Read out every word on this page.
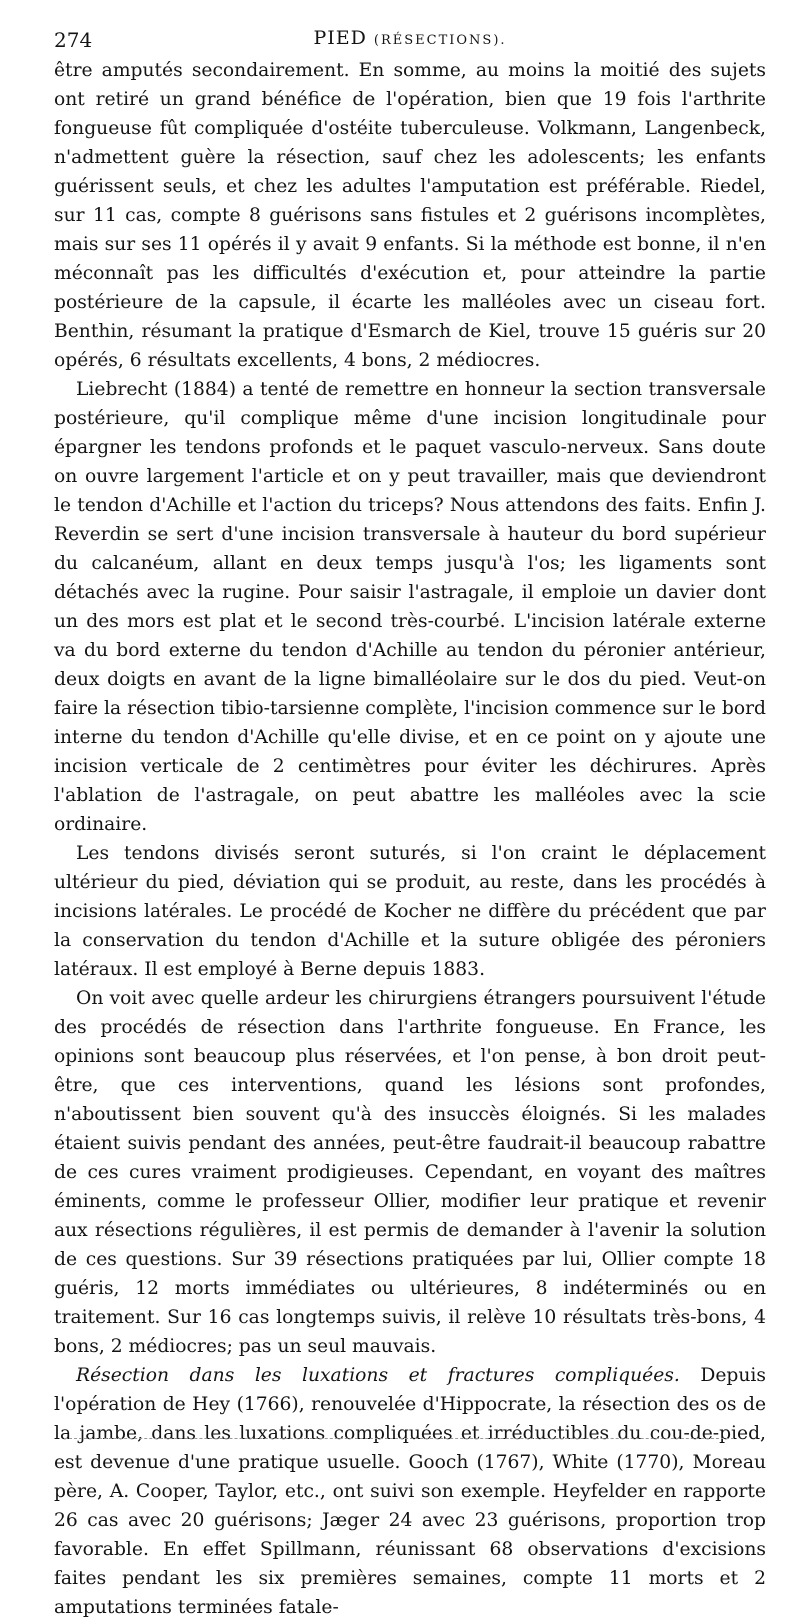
274	PIED (RÉSECTIONS).

être amputés secondairement. En somme, au moins la moitié des sujets ont retiré un grand bénéfice de l'opération, bien que 19 fois l'arthrite fongueuse fût compliquée d'ostéite tuberculeuse. Volkmann, Langenbeck, n'admettent guère la résection, sauf chez les adolescents; les enfants guérissent seuls, et chez les adultes l'amputation est préférable. Riedel, sur 11 cas, compte 8 guérisons sans fistules et 2 guérisons incomplètes, mais sur ses 11 opérés il y avait 9 enfants. Si la méthode est bonne, il n'en méconnaît pas les difficultés d'exécution et, pour atteindre la partie postérieure de la capsule, il écarte les malléoles avec un ciseau fort. Benthin, résumant la pratique d'Esmarch de Kiel, trouve 15 guéris sur 20 opérés, 6 résultats excellents, 4 bons, 2 médiocres.

Liebrecht (1884) a tenté de remettre en honneur la section transversale postérieure, qu'il complique même d'une incision longitudinale pour épargner les tendons profonds et le paquet vasculo-nerveux. Sans doute on ouvre largement l'article et on y peut travailler, mais que deviendront le tendon d'Achille et l'action du triceps? Nous attendons des faits. Enfin J. Reverdin se sert d'une incision transversale à hauteur du bord supérieur du calcanéum, allant en deux temps jusqu'à l'os; les ligaments sont détachés avec la rugine. Pour saisir l'astragale, il emploie un davier dont un des mors est plat et le second très-courbé. L'incision latérale externe va du bord externe du tendon d'Achille au tendon du péronier antérieur, deux doigts en avant de la ligne bimalléolaire sur le dos du pied. Veut-on faire la résection tibio-tarsienne complète, l'incision commence sur le bord interne du tendon d'Achille qu'elle divise, et en ce point on y ajoute une incision verticale de 2 centimètres pour éviter les déchirures. Après l'ablation de l'astragale, on peut abattre les malléoles avec la scie ordinaire.

Les tendons divisés seront suturés, si l'on craint le déplacement ultérieur du pied, déviation qui se produit, au reste, dans les procédés à incisions latérales. Le procédé de Kocher ne diffère du précédent que par la conservation du tendon d'Achille et la suture obligée des péroniers latéraux. Il est employé à Berne depuis 1883.

On voit avec quelle ardeur les chirurgiens étrangers poursuivent l'étude des procédés de résection dans l'arthrite fongueuse. En France, les opinions sont beaucoup plus réservées, et l'on pense, à bon droit peut-être, que ces interventions, quand les lésions sont profondes, n'aboutissent bien souvent qu'à des insuccès éloignés. Si les malades étaient suivis pendant des années, peut-être faudrait-il beaucoup rabattre de ces cures vraiment prodigieuses. Cependant, en voyant des maîtres éminents, comme le professeur Ollier, modifier leur pratique et revenir aux résections régulières, il est permis de demander à l'avenir la solution de ces questions. Sur 39 résections pratiquées par lui, Ollier compte 18 guéris, 12 morts immédiates ou ultérieures, 8 indéterminés ou en traitement. Sur 16 cas longtemps suivis, il relève 10 résultats très-bons, 4 bons, 2 médiocres; pas un seul mauvais.

Résection dans les luxations et fractures compliquées. Depuis l'opération de Hey (1766), renouvelée d'Hippocrate, la résection des os de la jambe, dans les luxations compliquées et irréductibles du cou-de-pied, est devenue d'une pratique usuelle. Gooch (1767), White (1770), Moreau père, A. Cooper, Taylor, etc., ont suivi son exemple. Heyfelder en rapporte 26 cas avec 20 guérisons; Jæger 24 avec 23 guérisons, proportion trop favorable. En effet Spillmann, réunissant 68 observations d'excisions faites pendant les six premières semaines, compte 11 morts et 2 amputations terminées fatale-
